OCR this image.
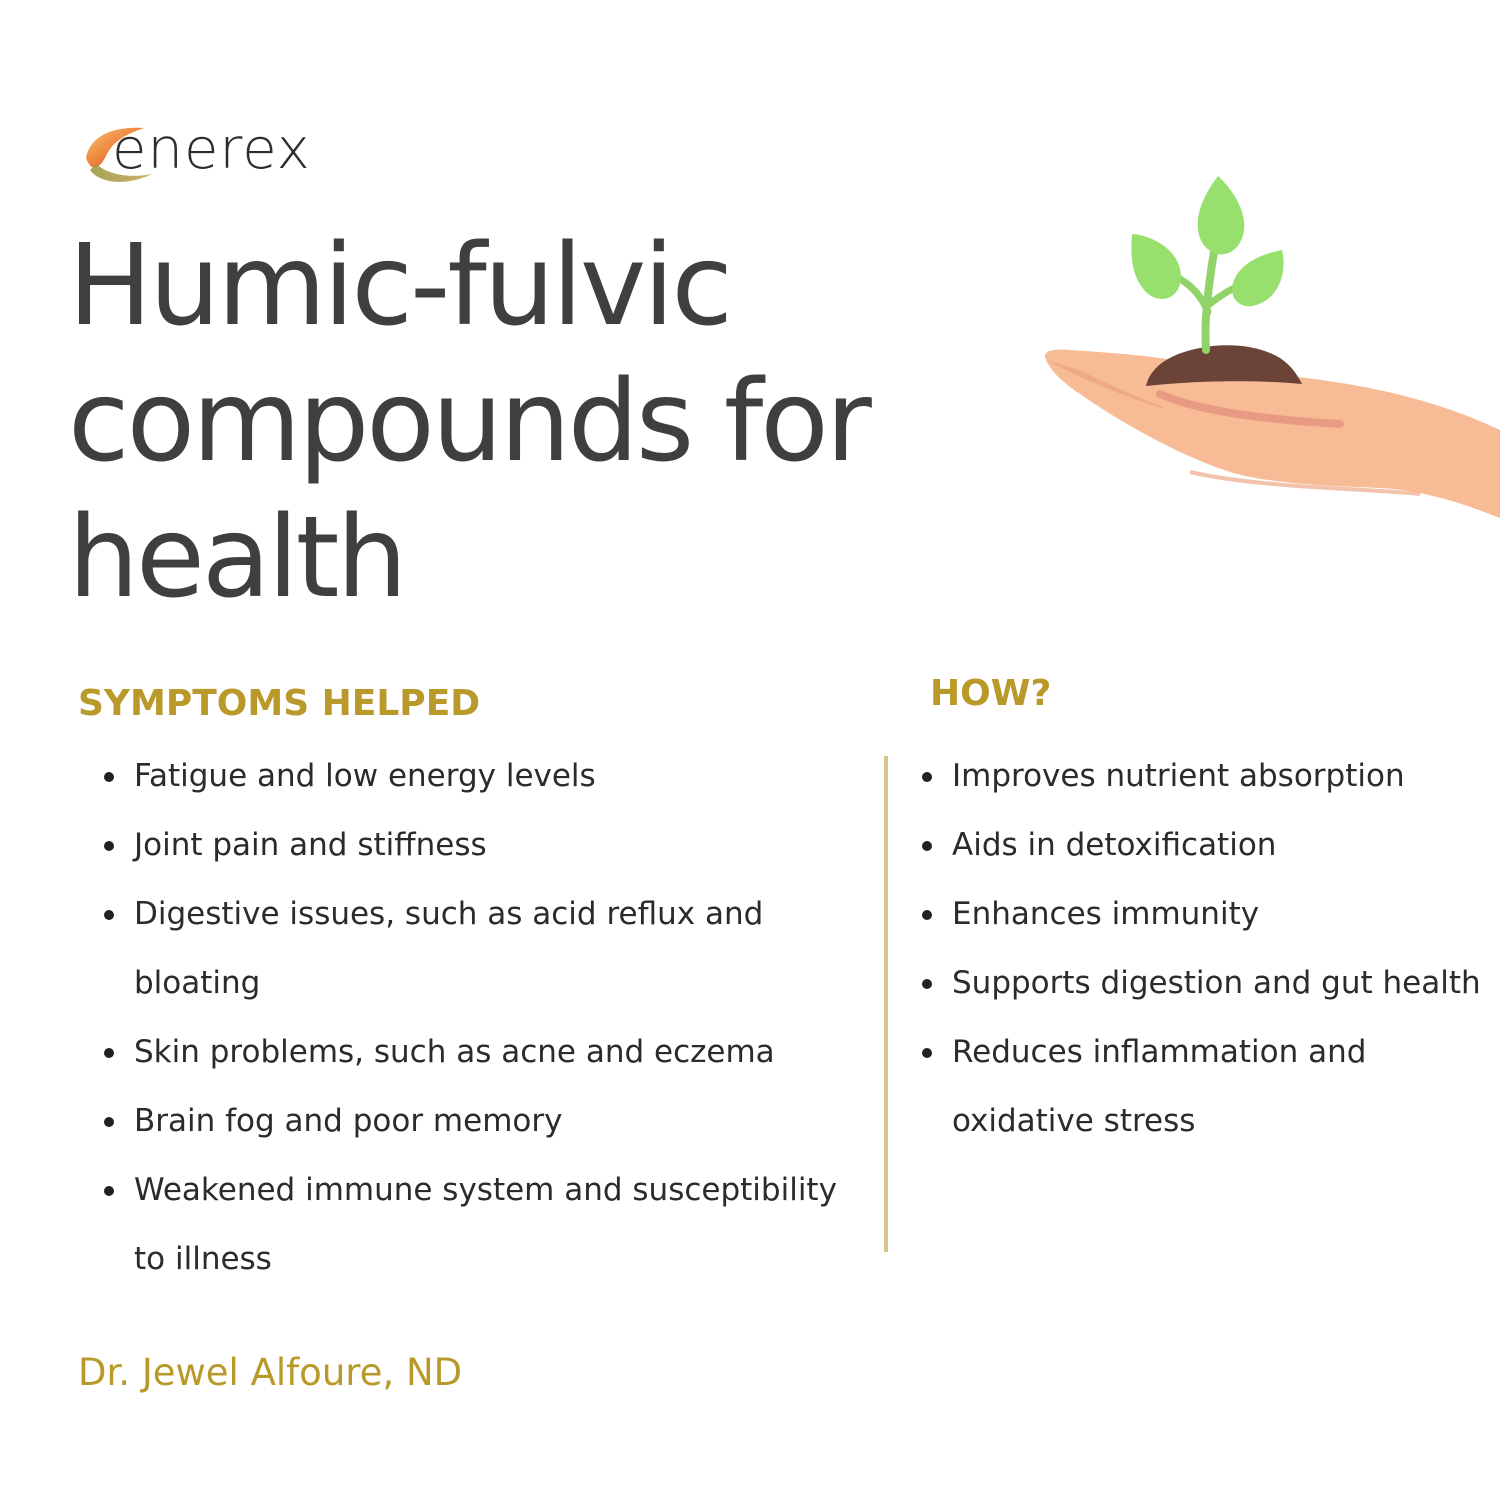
enerex
Humic-fulvic compounds for health
SYMPTOMS HELPED
Fatigue and low energy levels
Joint pain and stiffness
Digestive issues, such as acid reflux and bloating
Skin problems, such as acne and eczema
Brain fog and poor memory
Weakened immune system and susceptibility to illness
HOW?
Improves nutrient absorption
Aids in detoxification
Enhances immunity
Supports digestion and gut health
Reduces inflammation and oxidative stress
Dr. Jewel Alfoure, ND
